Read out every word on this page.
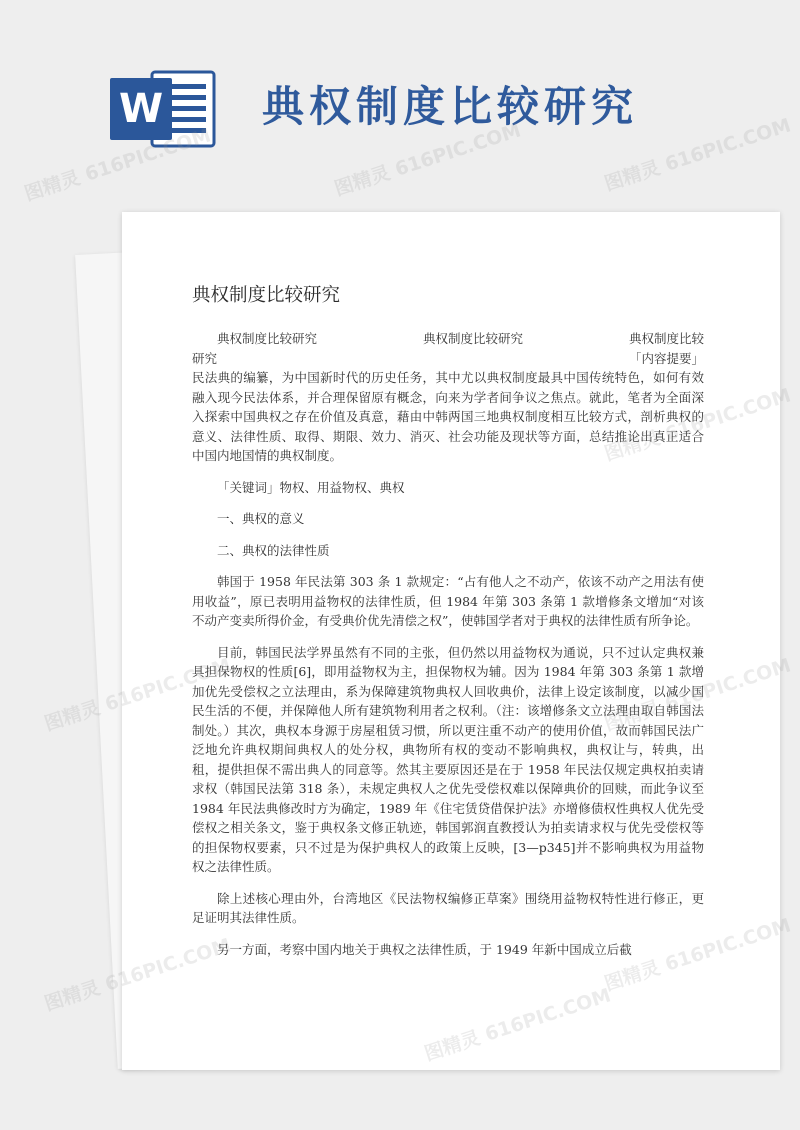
W 典权制度比较研究
典权制度比较研究

典权制度比较研究	典权制度比较研究	典权制度比较

研究	「内容提要」
民法典的编纂，为中国新时代的历史任务，其中尤以典权制度最具中国传统特色，如何有效融入现今民法体系，并合理保留原有概念，向来为学者间争议之焦点。就此，笔者为全面深入探索中国典权之存在价值及真意，藉由中韩两国三地典权制度相互比较方式，剖析典权的意义、法律性质、取得、期限、效力、消灭、社会功能及现状等方面，总结推论出真正适合中国内地国情的典权制度。

「关键词」物权、用益物权、典权

一、典权的意义

二、典权的法律性质

韩国于 1958 年民法第 303 条 1 款规定：“占有他人之不动产，依该不动产之用法有使用收益”，原已表明用益物权的法律性质，但 1984 年第 303 条第 1 款增修条文增加“对该不动产变卖所得价金，有受典价优先清偿之权”，使韩国学者对于典权的法律性质有所争论。

目前，韩国民法学界虽然有不同的主张，但仍然以用益物权为通说，只不过认定典权兼具担保物权的性质[6]，即用益物权为主，担保物权为辅。因为 1984 年第 303 条第 1 款增加优先受偿权之立法理由，系为保障建筑物典权人回收典价，法律上设定该制度，以减少国民生活的不便，并保障他人所有建筑物利用者之权利。（注：该增修条文立法理由取自韩国法制处。）其次，典权本身源于房屋租赁习惯，所以更注重不动产的使用价值，故而韩国民法广泛地允许典权期间典权人的处分权，典物所有权的变动不影响典权，典权让与，转典，出租，提供担保不需出典人的同意等。然其主要原因还是在于 1958 年民法仅规定典权拍卖请求权（韩国民法第 318 条），未规定典权人之优先受偿权难以保障典价的回赎，而此争议至 1984 年民法典修改时方为确定，1989 年《住宅赁贷借保护法》亦增修债权性典权人优先受偿权之相关条文，鉴于典权条文修正轨迹，韩国郭润直教授认为拍卖请求权与优先受偿权等的担保物权要素，只不过是为保护典权人的政策上反映，[3—p345]并不影响典权为用益物权之法律性质。

除上述核心理由外，台湾地区《民法物权编修正草案》围绕用益物权特性进行修正，更足证明其法律性质。

另一方面，考察中国内地关于典权之法律性质，于 1949 年新中国成立后截

图精灵 616PIC.COM	图精灵 616PIC.COM	图精灵 616PIC.COM
图精灵
图精灵
